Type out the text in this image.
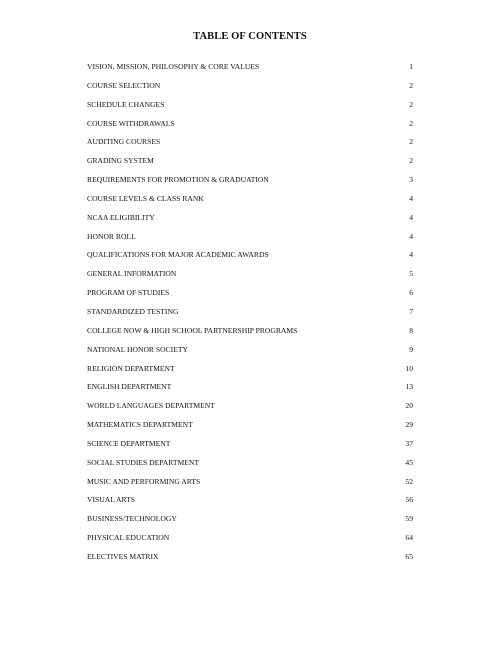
TABLE OF CONTENTS
VISION, MISSION, PHILOSOPHY & CORE VALUES	1
COURSE SELECTION	2
SCHEDULE CHANGES	2
COURSE WITHDRAWALS	2
AUDITING COURSES	2
GRADING SYSTEM	2
REQUIREMENTS FOR PROMOTION & GRADUATION	3
COURSE LEVELS & CLASS RANK	4
NCAA ELIGIBILITY	4
HONOR ROLL	4
QUALIFICATIONS FOR MAJOR ACADEMIC AWARDS	4
GENERAL INFORMATION	5
PROGRAM OF STUDIES	6
STANDARDIZED TESTING	7
COLLEGE NOW & HIGH SCHOOL PARTNERSHIP PROGRAMS	8
NATIONAL HONOR SOCIETY	9
RELIGION DEPARTMENT	10
ENGLISH DEPARTMENT	13
WORLD LANGUAGES DEPARTMENT	20
MATHEMATICS DEPARTMENT	29
SCIENCE DEPARTMENT	37
SOCIAL STUDIES DEPARTMENT	45
MUSIC AND PERFORMING ARTS	52
VISUAL ARTS	56
BUSINESS/TECHNOLOGY	59
PHYSICAL EDUCATION	64
ELECTIVES MATRIX	65
